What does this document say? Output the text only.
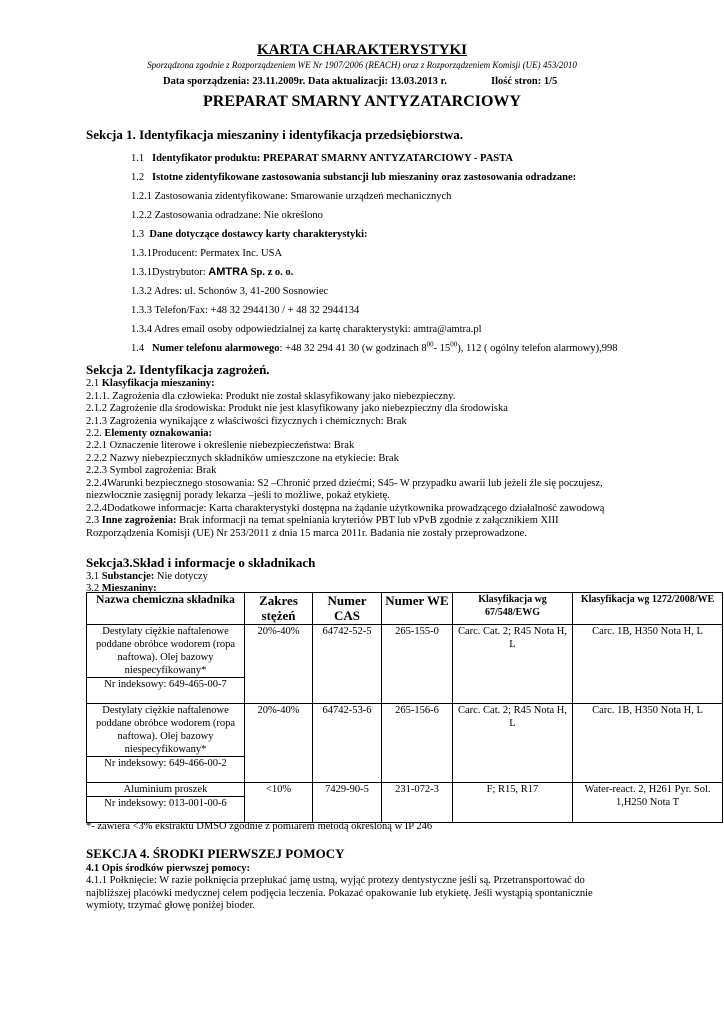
KARTA CHARAKTERYSTYKI
Sporządzona zgodnie z Rozporządzeniem WE Nr 1907/2006 (REACH) oraz z Rozporządzeniem Komisji (UE) 453/2010
Data sporządzenia: 23.11.2009r. Data aktualizacji: 13.03.2013 r.	Ilość stron: 1/5
PREPARAT SMARNY ANTYZATARCIOWY
Sekcja 1. Identyfikacja mieszaniny i identyfikacja przedsiębiorstwa.
1.1 Identyfikator produktu: PREPARAT SMARNY ANTYZATARCIOWY - PASTA
1.2 Istotne zidentyfikowane zastosowania substancji lub mieszaniny oraz zastosowania odradzane:
1.2.1 Zastosowania zidentyfikowane: Smarowanie urządzeń mechanicznych
1.2.2 Zastosowania odradzane: Nie określono
1.3 Dane dotyczące dostawcy karty charakterystyki:
1.3.1Producent: Permatex Inc. USA
1.3.1Dystrybutor: AMTRA Sp. z o. o.
1.3.2 Adres: ul. Schonów 3, 41-200 Sosnowiec
1.3.3 Telefon/Fax: +48 32 2944130 / + 48 32 2944134
1.3.4 Adres email osoby odpowiedzialnej za kartę charakterystyki: amtra@amtra.pl
1.4 Numer telefonu alarmowego: +48 32 294 41 30 (w godzinach $8^{00}-$ $15^{00}$), 112 ( ogólny telefon alarmowy),998
Sekcja 2. Identyfikacja zagrożeń.
2.1 Klasyfikacja mieszaniny:
2.1.1. Zagrożenia dla człowieka: Produkt nie został sklasyfikowany jako niebezpieczny.
2.1.2 Zagrożenie dla środowiska: Produkt nie jest klasyfikowany jako niebezpieczny dla środowiska
2.1.3 Zagrożenia wynikające z właściwości fizycznych i chemicznych: Brak
2.2. Elementy oznakowania:
2.2.1 Oznaczenie literowe i określenie niebezpieczeństwa: Brak
2.2.2 Nazwy niebezpiecznych składników umieszczone na etykiecie: Brak
2.2.3 Symbol zagrożenia: Brak
2.2.4Warunki bezpiecznego stosowania: S2 –Chronić przed dziećmi; S45- W przypadku awarii lub jeżeli źle się poczujesz,
niezwłocznie zasięgnij porady lekarza –jeśli to możliwe, pokaż etykietę.
2.2.4Dodatkowe informacje: Karta charakterystyki dostępna na żądanie użytkownika prowadzącego działalność zawodową
2.3 Inne zagrożenia: Brak informacji na temat spełniania kryteriów PBT lub vPvB zgodnie z załącznikiem XIII
Rozporządzenia Komisji (UE) Nr 253/2011 z dnia 15 marca 2011r. Badania nie zostały przeprowadzone.
Sekcja3.Skład i informacje o składnikach
3.1 Substancje: Nie dotyczy
3.2 Mieszaniny:
Nazwa chemiczna składnika	Zakres stężeń	Numer CAS	Numer WE	Klasyfikacja wg 67/548/EWG	Klasyfikacja wg 1272/2008/WE
Destylaty ciężkie naftalenowe poddane obróbce wodorem (ropa naftowa). Olej bazowy niespecyfikowany*	20%-40%	64742-52-5	265-155-0	Carc. Cat. 2; R45 Nota H, L	Carc. 1B, H350 Nota H, L
Nr indeksowy: 649-465-00-7					
Destylaty ciężkie naftalenowe poddane obróbce wodorem (ropa naftowa). Olej bazowy niespecyfikowany*	20%-40%	64742-53-6	265-156-6	Carc. Cat. 2; R45 Nota H, L	Carc. 1B, H350 Nota H, L
Nr indeksowy: 649-466-00-2					
Aluminium proszek	<10%	7429-90-5	231-072-3	F; R15, R17	Water-react. 2, H261 Pyr. Sol. 1,H250 Nota T
Nr indeksowy: 013-001-00-6					
*- zawiera <3% ekstraktu DMSO zgodnie z pomiarem metodą określoną w IP 246
SEKCJA 4. ŚRODKI PIERWSZEJ POMOCY
4.1 Opis środków pierwszej pomocy:
4.1.1 Połknięcie: W razie połknięcia przepłukać jamę ustną, wyjąć protezy dentystyczne jeśli są. Przetransportować do
najbliższej placówki medycznej celem podjęcia leczenia. Pokazać opakowanie lub etykietę. Jeśli wystąpią spontanicznie
wymioty, trzymać głowę poniżej bioder.
